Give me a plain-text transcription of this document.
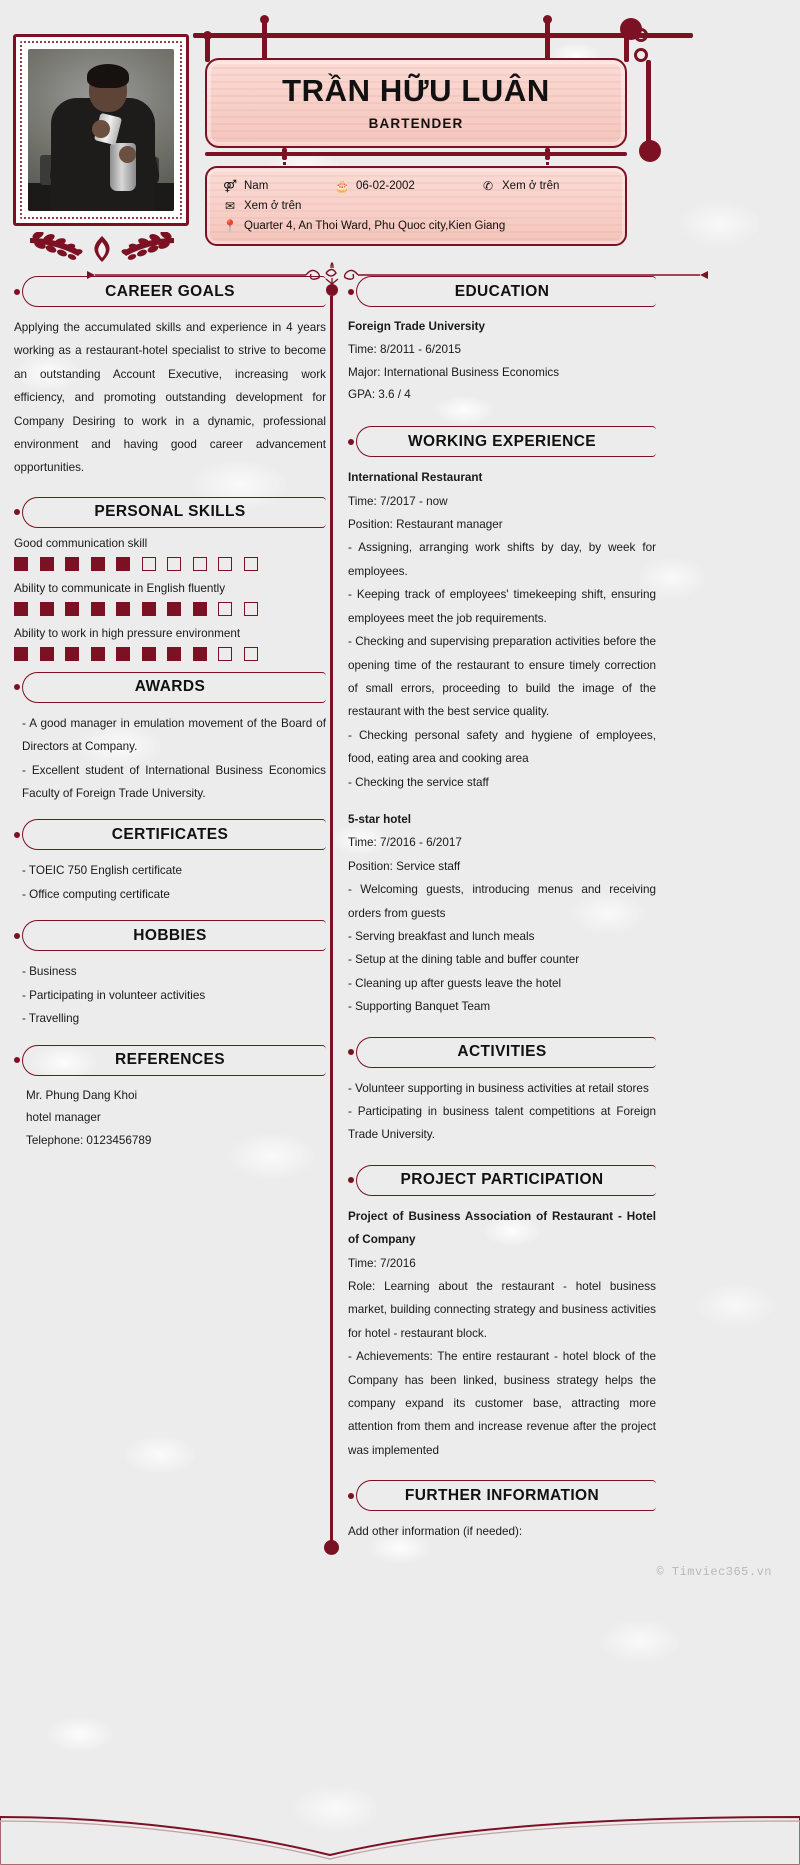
TRẦN HỮU LUÂN
BARTENDER
⚤ Nam	🎂 06-02-2002	✆ Xem ở trên
✉ Xem ở trên
📍 Quarter 4, An Thoi Ward, Phu Quoc city,Kien Giang
CAREER GOALS
Applying the accumulated skills and experience in 4 years working as a restaurant-hotel specialist to strive to become an outstanding Account Executive, increasing work efficiency, and promoting outstanding development for Company Desiring to work in a dynamic, professional environment and having good career advancement opportunities.
PERSONAL SKILLS
Good communication skill
Ability to communicate in English fluently
Ability to work in high pressure environment
AWARDS
- A good manager in emulation movement of the Board of Directors at Company.
- Excellent student of International Business Economics Faculty of Foreign Trade University.
CERTIFICATES
- TOEIC 750 English certificate
- Office computing certificate
HOBBIES
- Business
- Participating in volunteer activities
- Travelling
REFERENCES
Mr. Phung Dang Khoi
hotel manager
Telephone: 0123456789
EDUCATION
Foreign Trade University
Time: 8/2011 - 6/2015
Major: International Business Economics
GPA: 3.6 / 4
WORKING EXPERIENCE
International Restaurant
Time: 7/2017 - now
Position: Restaurant manager
- Assigning, arranging work shifts by day, by week for employees.
- Keeping track of employees' timekeeping shift, ensuring employees meet the job requirements.
- Checking and supervising preparation activities before the opening time of the restaurant to ensure timely correction of small errors, proceeding to build the image of the restaurant with the best service quality.
- Checking personal safety and hygiene of employees, food, eating area and cooking area
- Checking the service staff
5-star hotel
Time: 7/2016 - 6/2017
Position: Service staff
- Welcoming guests, introducing menus and receiving orders from guests
- Serving breakfast and lunch meals
- Setup at the dining table and buffer counter
- Cleaning up after guests leave the hotel
- Supporting Banquet Team
ACTIVITIES
- Volunteer supporting in business activities at retail stores
- Participating in business talent competitions at Foreign Trade University.
PROJECT PARTICIPATION
Project of Business Association of Restaurant - Hotel of Company
Time: 7/2016
Role: Learning about the restaurant - hotel business market, building connecting strategy and business activities for hotel - restaurant block.
- Achievements: The entire restaurant - hotel block of the Company has been linked, business strategy helps the company expand its customer base, attracting more attention from them and increase revenue after the project was implemented
FURTHER INFORMATION
Add other information (if needed):
© Timviec365.vn
